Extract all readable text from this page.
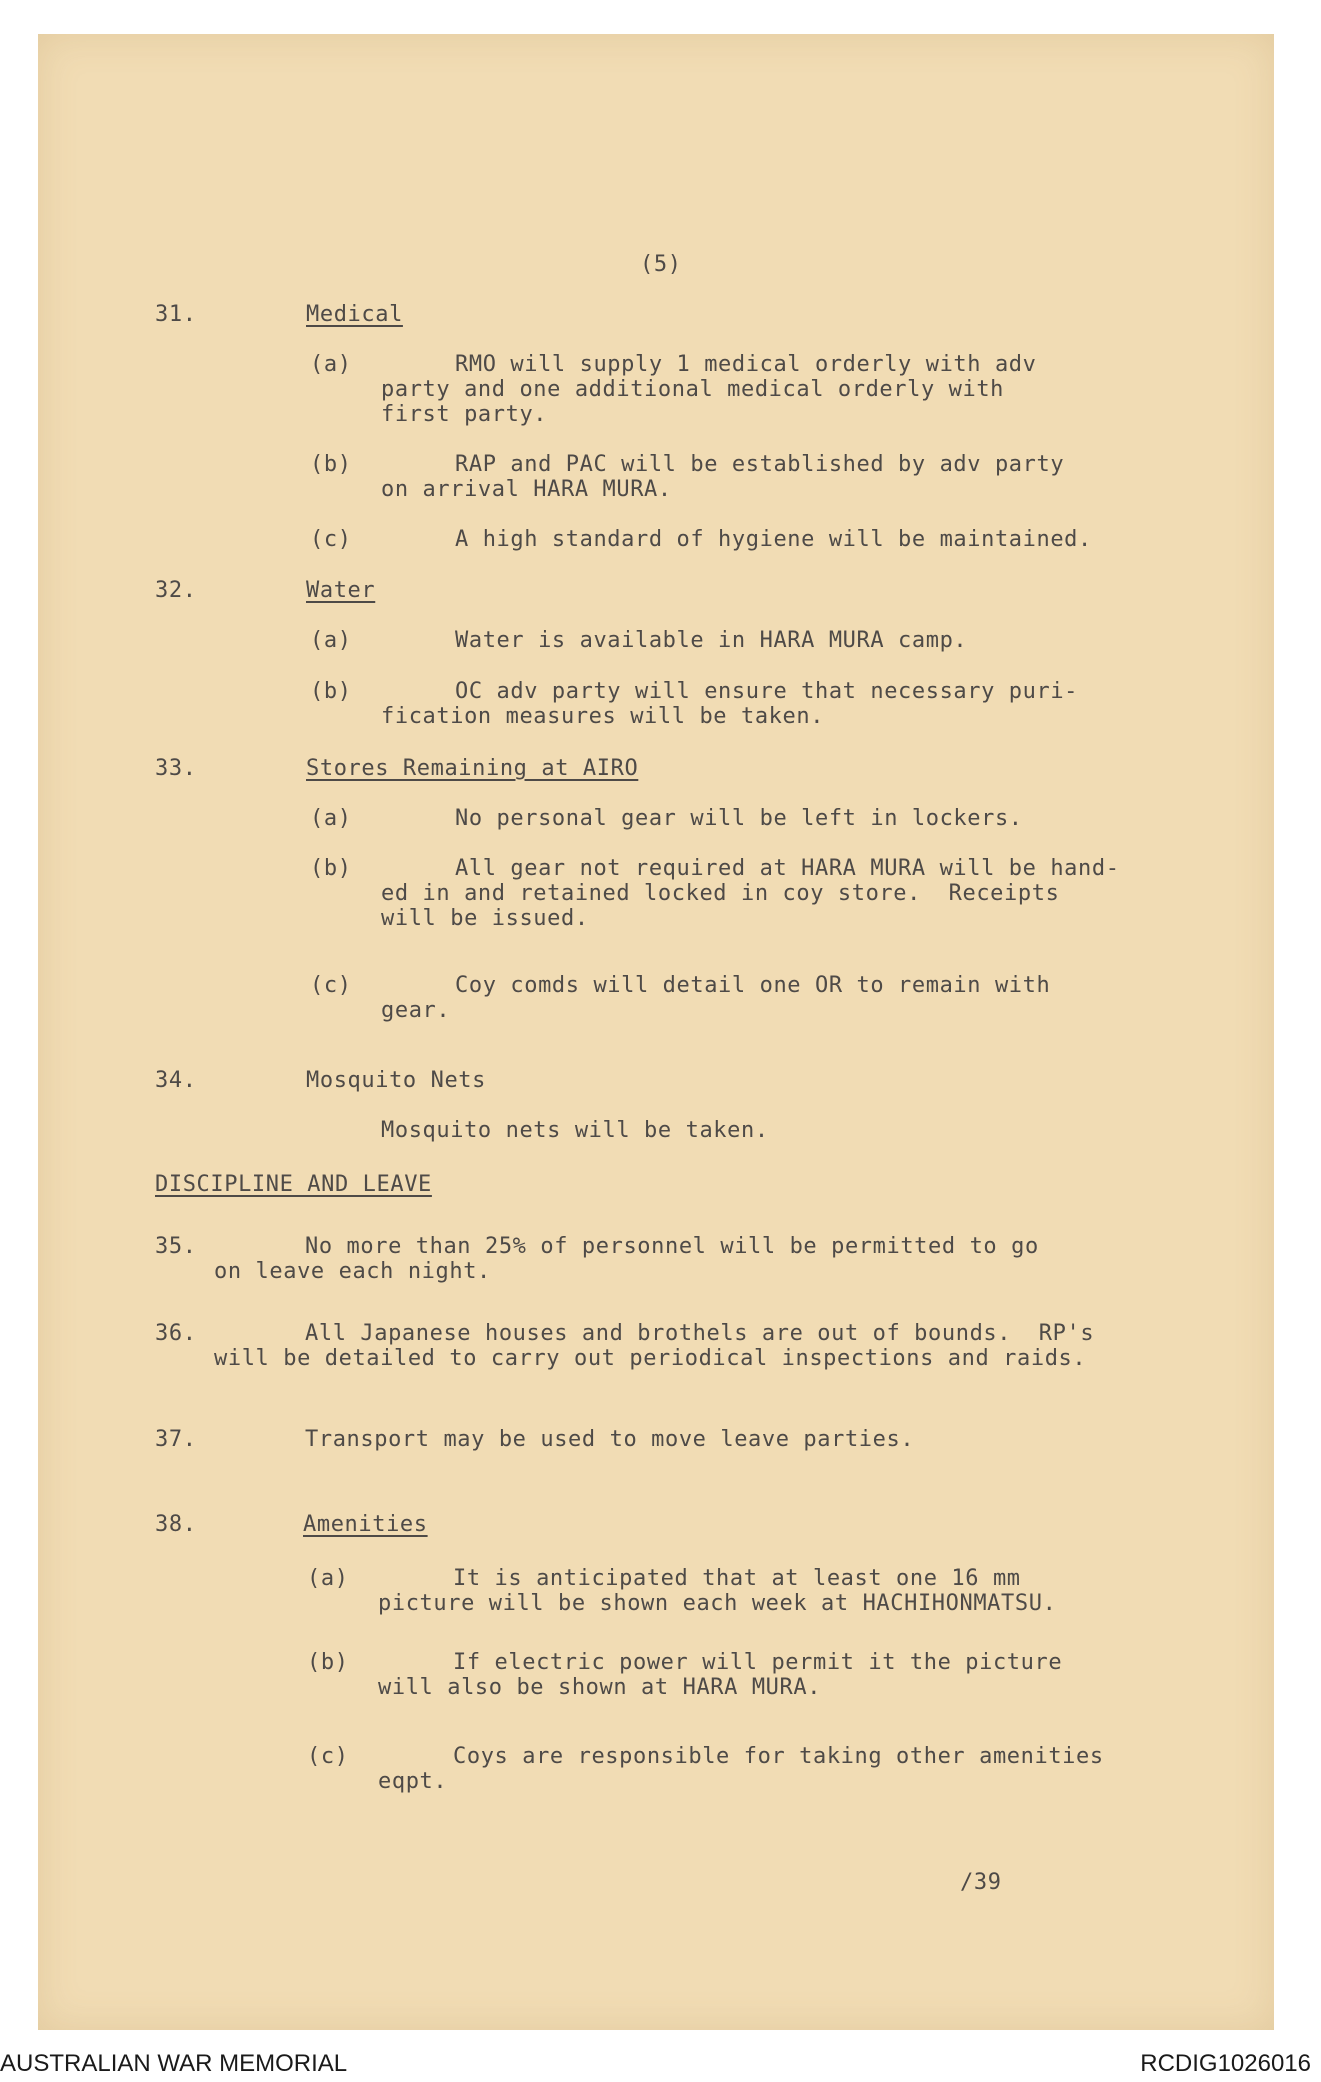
(5)
31.	Medical
(a)	RMO will supply 1 medical orderly with adv
party and one additional medical orderly with
first party.
(b)	RAP and PAC will be established by adv party
on arrival HARA MURA.
(c)	A high standard of hygiene will be maintained.
32.	Water
(a)	Water is available in HARA MURA camp.
(b)	OC adv party will ensure that necessary puri-
fication measures will be taken.
33.	Stores Remaining at AIRO
(a)	No personal gear will be left in lockers.
(b)	All gear not required at HARA MURA will be hand-
ed in and retained locked in coy store.  Receipts
will be issued.
(c)	Coy comds will detail one OR to remain with
gear.
34.	Mosquito Nets
Mosquito nets will be taken.
DISCIPLINE AND LEAVE
35.	No more than 25% of personnel will be permitted to go
on leave each night.
36.	All Japanese houses and brothels are out of bounds.  RP's
will be detailed to carry out periodical inspections and raids.
37.	Transport may be used to move leave parties.
38.	Amenities
(a)	It is anticipated that at least one 16 mm
picture will be shown each week at HACHIHONMATSU.
(b)	If electric power will permit it the picture
will also be shown at HARA MURA.
(c)	Coys are responsible for taking other amenities
eqpt.
/39
AUSTRALIAN WAR MEMORIAL	RCDIG1026016
